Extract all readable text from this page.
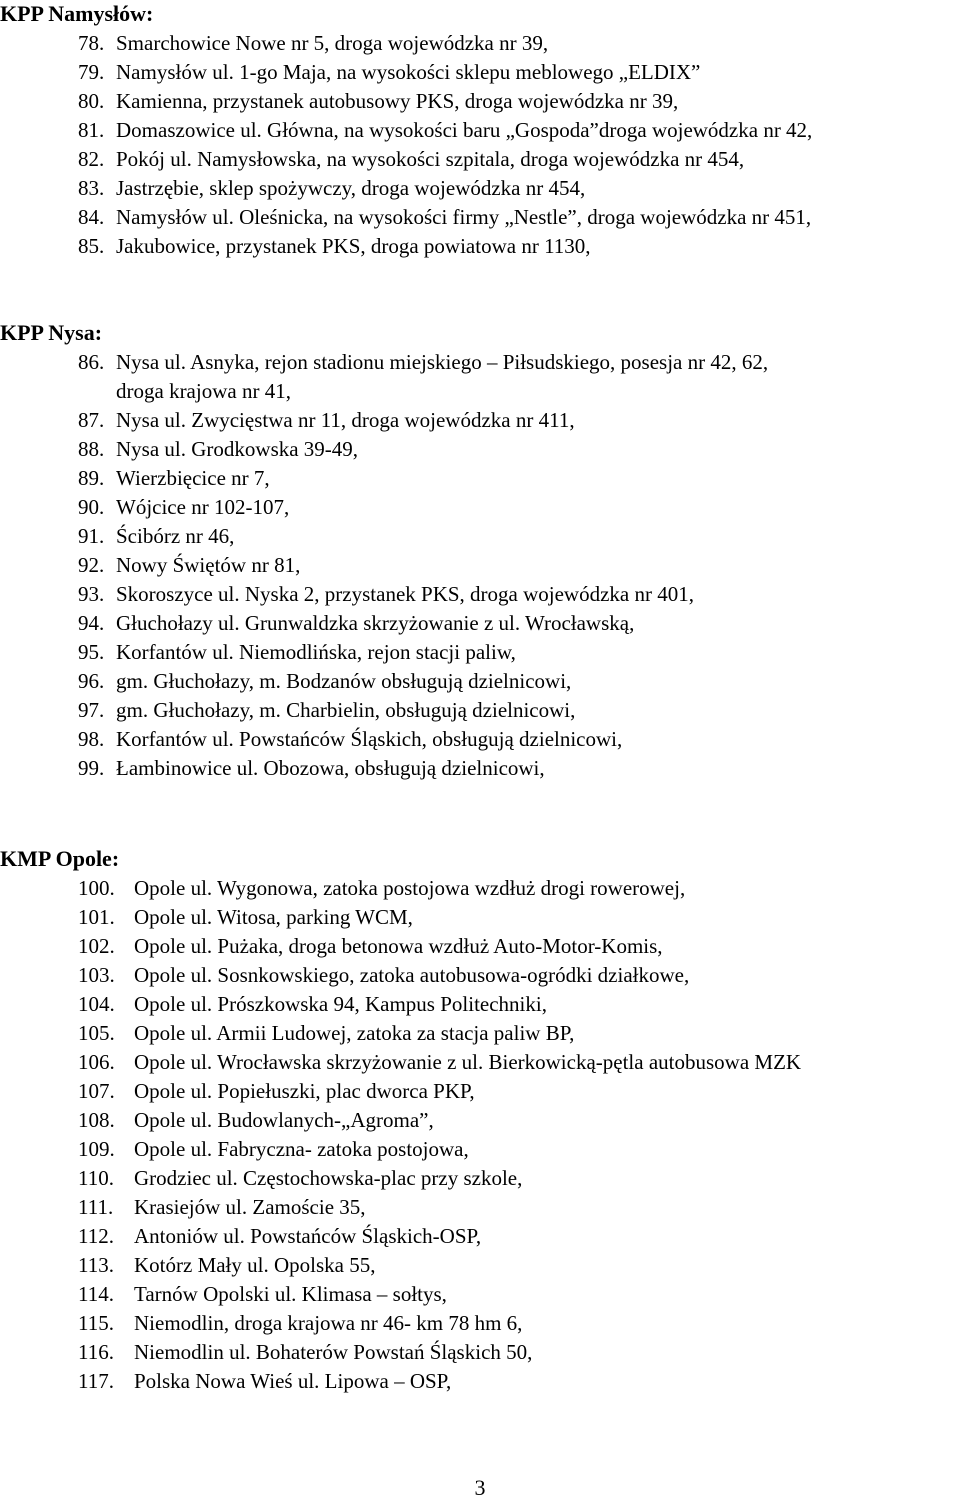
KPP Namysłów:
78. Smarchowice Nowe nr 5, droga wojewódzka nr 39,
79. Namysłów ul. 1-go Maja, na wysokości sklepu meblowego „ELDIX”
80. Kamienna, przystanek autobusowy PKS, droga wojewódzka nr 39,
81. Domaszowice ul. Główna, na wysokości baru „Gospoda”droga wojewódzka nr 42,
82. Pokój ul. Namysłowska, na wysokości szpitala, droga wojewódzka nr 454,
83. Jastrzębie, sklep spożywczy, droga wojewódzka nr 454,
84. Namysłów ul. Oleśnicka, na wysokości firmy „Nestle”, droga wojewódzka nr 451,
85. Jakubowice, przystanek PKS, droga powiatowa nr 1130,
KPP Nysa:
86. Nysa ul. Asnyka, rejon stadionu miejskiego – Piłsudskiego, posesja nr 42, 62,
droga krajowa nr 41,
87. Nysa ul. Zwycięstwa nr 11, droga wojewódzka nr 411,
88. Nysa ul. Grodkowska 39-49,
89. Wierzbięcice nr 7,
90. Wójcice nr 102-107,
91. Ścibórz nr 46,
92. Nowy Świętów nr 81,
93. Skoroszyce ul. Nyska 2, przystanek PKS, droga wojewódzka nr 401,
94. Głuchołazy ul. Grunwaldzka skrzyżowanie z ul. Wrocławską,
95. Korfantów ul. Niemodlińska, rejon stacji paliw,
96. gm. Głuchołazy, m. Bodzanów obsługują dzielnicowi,
97. gm. Głuchołazy, m. Charbielin, obsługują dzielnicowi,
98. Korfantów ul. Powstańców Śląskich, obsługują dzielnicowi,
99. Łambinowice ul. Obozowa, obsługują dzielnicowi,
KMP Opole:
100. Opole ul. Wygonowa, zatoka postojowa wzdłuż drogi rowerowej,
101. Opole ul. Witosa, parking WCM,
102. Opole ul. Pużaka, droga betonowa wzdłuż Auto-Motor-Komis,
103. Opole ul. Sosnkowskiego, zatoka autobusowa-ogródki działkowe,
104. Opole ul. Prószkowska 94, Kampus Politechniki,
105. Opole ul. Armii Ludowej, zatoka za stacja paliw BP,
106. Opole ul. Wrocławska skrzyżowanie z ul. Bierkowicką-pętla autobusowa MZK
107. Opole ul. Popiełuszki, plac dworca PKP,
108. Opole ul. Budowlanych-„Agroma”,
109. Opole ul. Fabryczna- zatoka postojowa,
110. Grodziec ul. Częstochowska-plac przy szkole,
111. Krasiejów ul. Zamoście 35,
112. Antoniów ul. Powstańców Śląskich-OSP,
113. Kotórz Mały ul. Opolska 55,
114. Tarnów Opolski ul. Klimasa – sołtys,
115. Niemodlin, droga krajowa nr 46- km 78 hm 6,
116. Niemodlin ul. Bohaterów Powstań Śląskich 50,
117. Polska Nowa Wieś ul. Lipowa – OSP,
3
